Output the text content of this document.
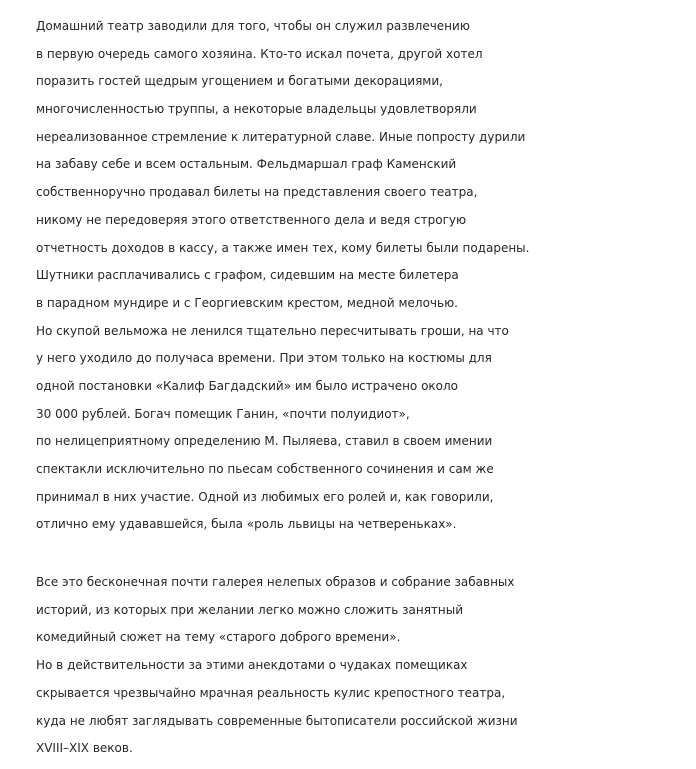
Домашний театр заводили для того, чтобы он служил развлечению
в первую очередь самого хозяина. Кто-то искал почета, другой хотел
поразить гостей щедрым угощением и богатыми декорациями,
многочисленностью труппы, а некоторые владельцы удовлетворяли
нереализованное стремление к литературной славе. Иные попросту дурили
на забаву себе и всем остальным. Фельдмаршал граф Каменский
собственноручно продавал билеты на представления своего театра,
никому не передоверяя этого ответственного дела и ведя строгую
отчетность доходов в кассу, а также имен тех, кому билеты были подарены.
Шутники расплачивались с графом, сидевшим на месте билетера
в парадном мундире и с Георгиевским крестом, медной мелочью.
Но скупой вельможа не ленился тщательно пересчитывать гроши, на что
у него уходило до получаса времени. При этом только на костюмы для
одной постановки «Калиф Багдадский» им было истрачено около
30 000 рублей. Богач помещик Ганин, «почти полуидиот»,
по нелицеприятному определению М. Пыляева, ставил в своем имении
спектакли исключительно по пьесам собственного сочинения и сам же
принимал в них участие. Одной из любимых его ролей и, как говорили,
отлично ему удававшейся, была «роль львицы на четвереньках».
Все это бесконечная почти галерея нелепых образов и собрание забавных
историй, из которых при желании легко можно сложить занятный
комедийный сюжет на тему «старого доброго времени».
Но в действительности за этими анекдотами о чудаках помещиках
скрывается чрезвычайно мрачная реальность кулис крепостного театра,
куда не любят заглядывать современные бытописатели российской жизни
XVIII–XIX веков.
